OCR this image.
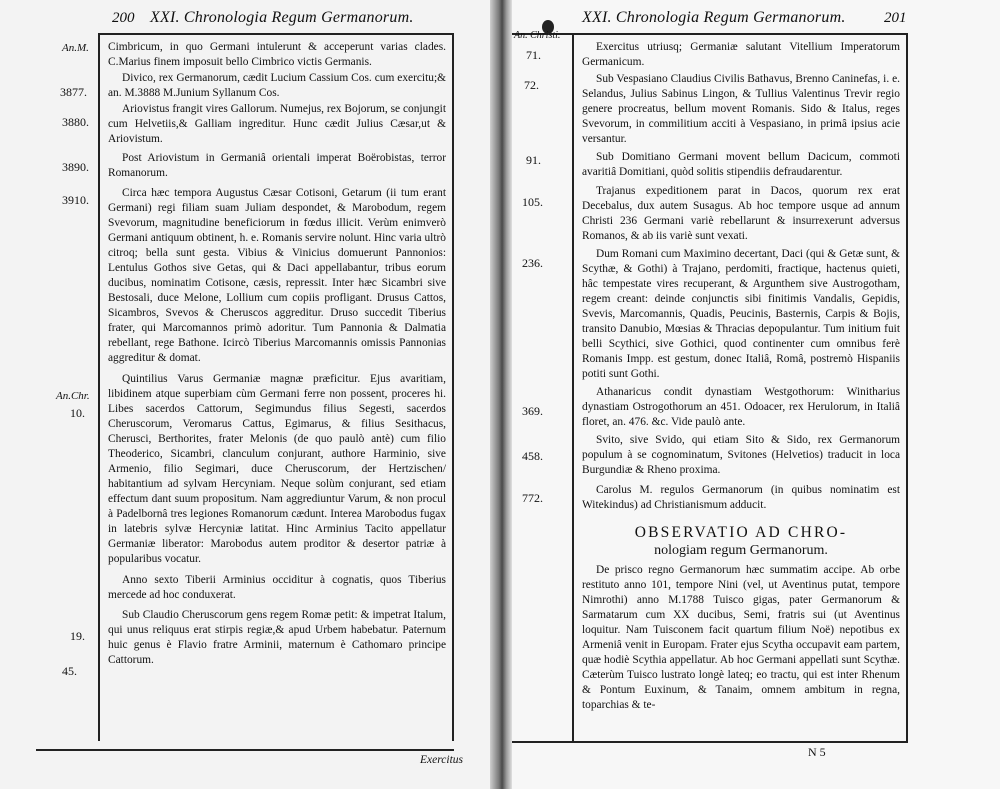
200 XXI. Chronologia Regum Germanorum.
An.M.
3877.
3880.
3890.
3910.
An.Chr.
10.
19.
45.

Cimbricum, in quo Germani intulerunt & acceperunt varias clades. C.Marius finem imposuit bello Cimbrico victis Germanis.

Divico, rex Germanorum, cædit Lucium Cassium Cos. cum exercitu;& an. M.3888 M.Junium Syllanum Cos.

Ariovistus frangit vires Gallorum. Numejus, rex Bojorum, se conjungit cum Helvetiis,& Galliam ingreditur. Hunc cædit Julius Cæsar,ut & Ariovistum.

Post Ariovistum in Germaniâ orientali imperat Boërobistas, terror Romanorum.

Circa hæc tempora Augustus Cæsar Cotisoni, Getarum (ii tum erant Germani) regi filiam suam Juliam despondet, & Marobodum, regem Svevorum, magnitudine beneficiorum in fœdus illicit. Verùm enimverò Germani antiquum obtinent, h. e. Romanis servire nolunt. Hinc varia ultrò citroq; bella sunt gesta. Vibius & Vinicius domuerunt Pannonios: Lentulus Gothos sive Getas, qui & Daci appellabantur, tribus eorum ducibus, nominatim Cotisone, cæsis, repressit. Inter hæc Sicambri sive Bestosali, duce Melone, Lollium cum copiis profligant. Drusus Cattos, Sicambros, Svevos & Cheruscos aggreditur. Druso succedit Tiberius frater, qui Marcomannos primò adoritur. Tum Pannonia & Dalmatia rebellant, rege Bathone. Icircò Tiberius Marcomannis omissis Pannonias aggreditur & domat.

Quintilius Varus Germaniæ magnæ præficitur. Ejus avaritiam, libidinem atque superbiam cùm Germani ferre non possent, proceres hi. Libes sacerdos Cattorum, Segimundus filius Segesti, sacerdos Cheruscorum, Veromarus Cattus, Egimarus, & filius Sesithacus, Cherusci, Berthorites, frater Melonis (de quo paulò antè) cum filio Theoderico, Sicambri, clanculum conjurant, authore Harminio, sive Armenio, filio Segimari, duce Cheruscorum, der Hertzischen/ habitantium ad sylvam Hercyniam. Neque solùm conjurant, sed etiam effectum dant suum propositum. Nam aggrediuntur Varum, & non procul à Padelbornâ tres legiones Romanorum cædunt. Interea Marobodus fugax in latebris sylvæ Hercyniæ latitat. Hinc Arminius Tacito appellatur Germaniæ liberator: Marobodus autem proditor & desertor patriæ à popularibus vocatur.

Anno sexto Tiberii Arminius occiditur à cognatis, quos Tiberius mercede ad hoc conduxerat.

Sub Claudio Cheruscorum gens regem Romæ petit: & impetrat Italum, qui unus reliquus erat stirpis regiæ,& apud Urbem habebatur. Paternum huic genus è Flavio fratre Arminii, maternum è Cathomaro principe Cattorum.

Exercitus
XXI. Chronologia Regum Germanorum.	201
An. Christi.
71.
72.
91.
105.
236.
369.
458.
772.

Exercitus utriusq; Germaniæ salutant Vitellium Imperatorum Germanicum.

Sub Vespasiano Claudius Civilis Bathavus, Brenno Caninefas, i. e. Selandus, Julius Sabinus Lingon, & Tullius Valentinus Trevir regio genere procreatus, bellum movent Romanis. Sido & Italus, reges Svevorum, in commilitium acciti à Vespasiano, in primâ ipsius acie versantur.

Sub Domitiano Germani movent bellum Dacicum, commoti avaritiâ Domitiani, quòd solitis stipendiis defraudarentur.

Trajanus expeditionem parat in Dacos, quorum rex erat Decebalus, dux autem Susagus. Ab hoc tempore usque ad annum Christi 236 Germani variè rebellarunt & insurrexerunt adversus Romanos, & ab iis variè sunt vexati.

Dum Romani cum Maximino decertant, Daci (qui & Getæ sunt, & Scythæ, & Gothi) à Trajano, perdomiti, fractique, hactenus quieti, hâc tempestate vires recuperant, & Argunthem sive Austrogotham, regem creant: deinde conjunctis sibi finitimis Vandalis, Gepidis, Svevis, Marcomannis, Quadis, Peucinis, Basternis, Carpis & Bojis, transito Danubio, Mœsias & Thracias depopulantur. Tum initium fuit belli Scythici, sive Gothici, quod continenter cum omnibus ferè Romanis Impp. est gestum, donec Italiâ, Româ, postremò Hispaniis potiti sunt Gothi.

Athanaricus condit dynastiam Westgothorum: Winitharius dynastiam Ostrogothorum an 451. Odoacer, rex Herulorum, in Italiâ floret, an. 476. &c. Vide paulò ante.

Svito, sive Svido, qui etiam Sito & Sido, rex Germanorum populum à se cognominatum, Svitones (Helvetios) traducit in loca Burgundiæ & Rheno proxima.

Carolus M. regulos Germanorum (in quibus nominatim est Witekindus) ad Christianismum adducit.

OBSERVATIO AD CHRO-

nologiam regum Germanorum.

De prisco regno Germanorum hæc summatim accipe. Ab orbe restituto anno 101, tempore Nini (vel, ut Aventinus putat, tempore Nimrothi) anno M.1788 Tuisco gigas, pater Germanorum & Sarmatarum cum XX ducibus, Semi, fratris sui (ut Aventinus loquitur. Nam Tuisconem facit quartum filium Noë) nepotibus ex Armeniâ venit in Europam. Frater ejus Scytha occupavit eam partem, quæ hodiè Scythia appellatur. Ab hoc Germani appellati sunt Scythæ. Cæterùm Tuisco lustrato longè lateq; eo tractu, qui est inter Rhenum & Pontum Euxinum, & Tanaim, omnem ambitum in regna, toparchias & te-

N 5
